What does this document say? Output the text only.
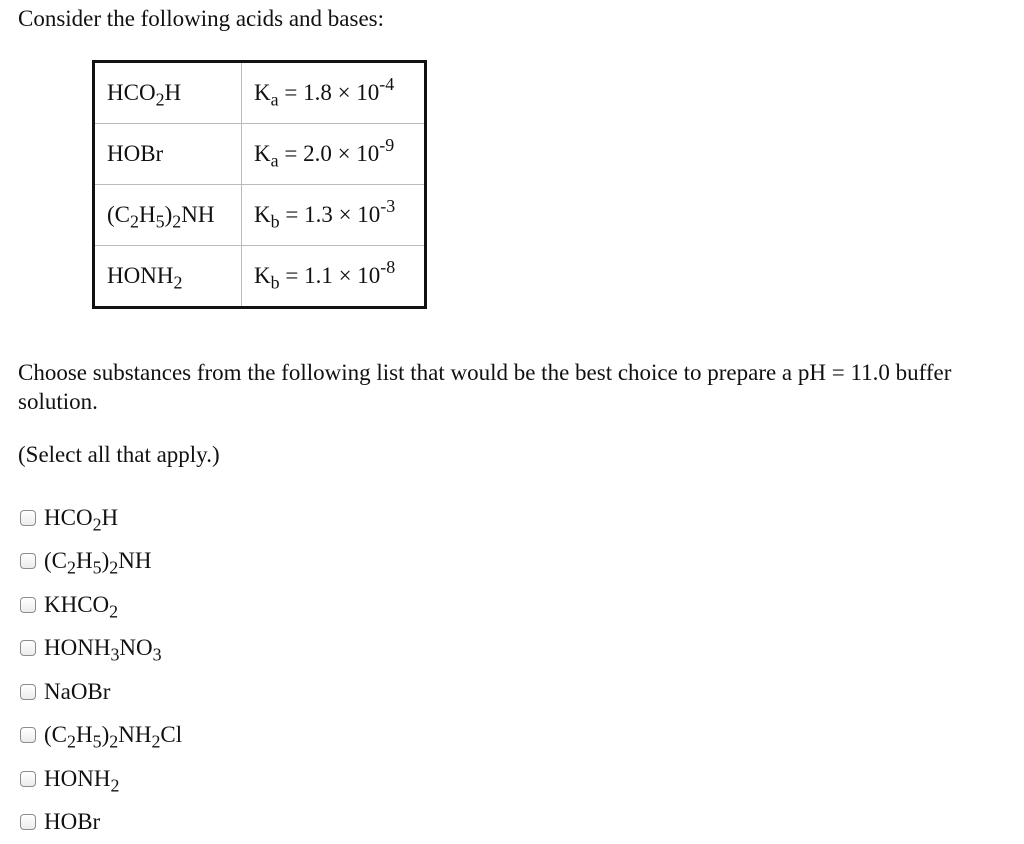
Consider the following acids and bases:

$HCO_2H$	$K_a = 1.8 \times 10^{-4}$
HOBr	$K_a = 2.0 \times 10^{-9}$
$(C_2H_5)_2NH$	$K_b = 1.3 \times 10^{-3}$
$HONH_2$	$K_b = 1.1 \times 10^{-8}$

Choose substances from the following list that would be the best choice to prepare a pH = 11.0 buffer solution.

(Select all that apply.)

$HCO_2H$
$(C_2H_5)_2NH$
$KHCO_2$
$HONH_3NO_3$
NaOBr
$(C_2H_5)_2NH_2Cl$
$HONH_2$
HOBr
